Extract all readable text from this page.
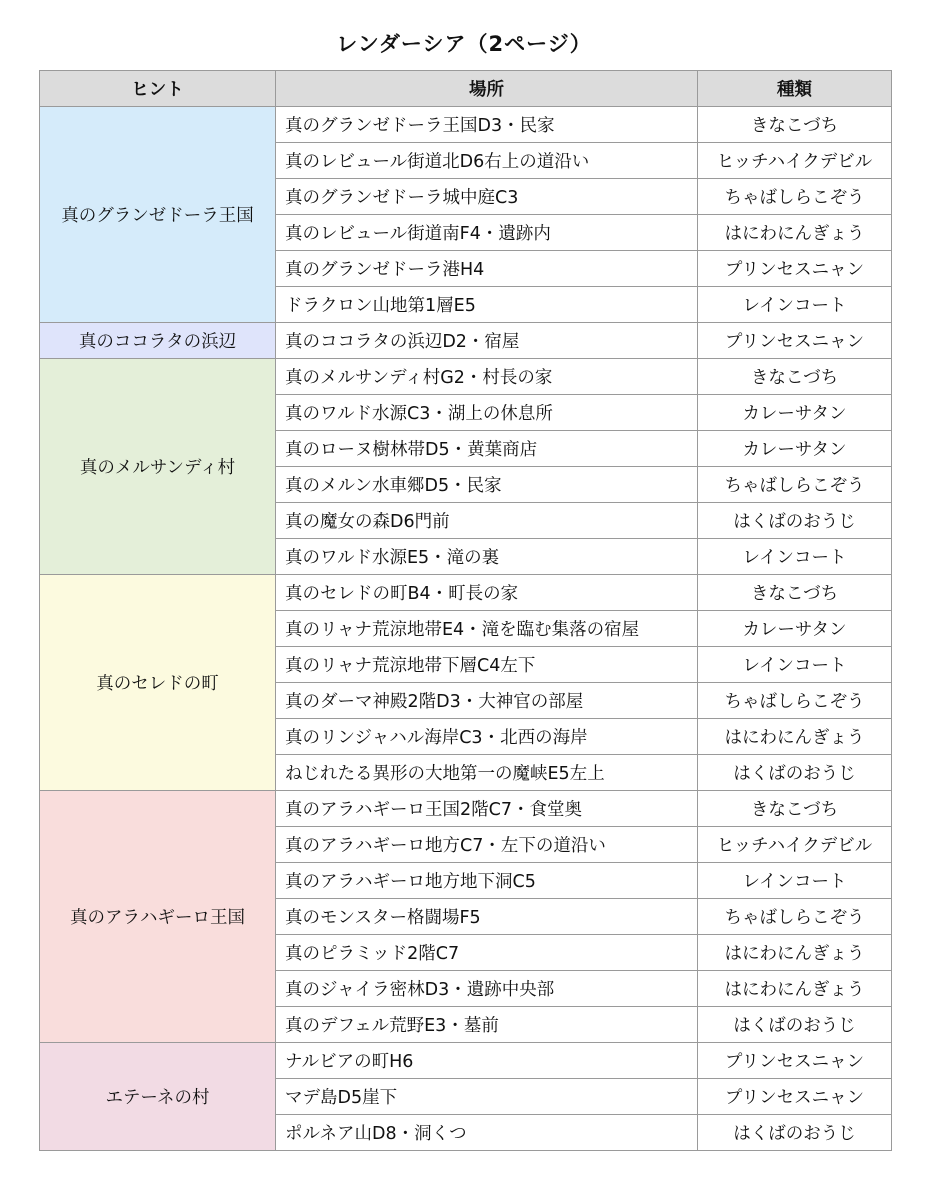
レンダーシア（2ページ）
ヒント	場所	種類
真のグランゼドーラ王国	真のグランゼドーラ王国D3・民家	きなこづち
	真のレビュール街道北D6右上の道沿い	ヒッチハイクデビル
	真のグランゼドーラ城中庭C3	ちゃばしらこぞう
	真のレビュール街道南F4・遺跡内	はにわにんぎょう
	真のグランゼドーラ港H4	プリンセスニャン
	ドラクロン山地第1層E5	レインコート
真のココラタの浜辺	真のココラタの浜辺D2・宿屋	プリンセスニャン
真のメルサンディ村	真のメルサンディ村G2・村長の家	きなこづち
	真のワルド水源C3・湖上の休息所	カレーサタン
	真のローヌ樹林帯D5・黄葉商店	カレーサタン
	真のメルン水車郷D5・民家	ちゃばしらこぞう
	真の魔女の森D6門前	はくばのおうじ
	真のワルド水源E5・滝の裏	レインコート
真のセレドの町	真のセレドの町B4・町長の家	きなこづち
	真のリャナ荒涼地帯E4・滝を臨む集落の宿屋	カレーサタン
	真のリャナ荒涼地帯下層C4左下	レインコート
	真のダーマ神殿2階D3・大神官の部屋	ちゃばしらこぞう
	真のリンジャハル海岸C3・北西の海岸	はにわにんぎょう
	ねじれたる異形の大地第一の魔峡E5左上	はくばのおうじ
真のアラハギーロ王国	真のアラハギーロ王国2階C7・食堂奥	きなこづち
	真のアラハギーロ地方C7・左下の道沿い	ヒッチハイクデビル
	真のアラハギーロ地方地下洞C5	レインコート
	真のモンスター格闘場F5	ちゃばしらこぞう
	真のピラミッド2階C7	はにわにんぎょう
	真のジャイラ密林D3・遺跡中央部	はにわにんぎょう
	真のデフェル荒野E3・墓前	はくばのおうじ
エテーネの村	ナルビアの町H6	プリンセスニャン
	マデ島D5崖下	プリンセスニャン
	ポルネア山D8・洞くつ	はくばのおうじ
